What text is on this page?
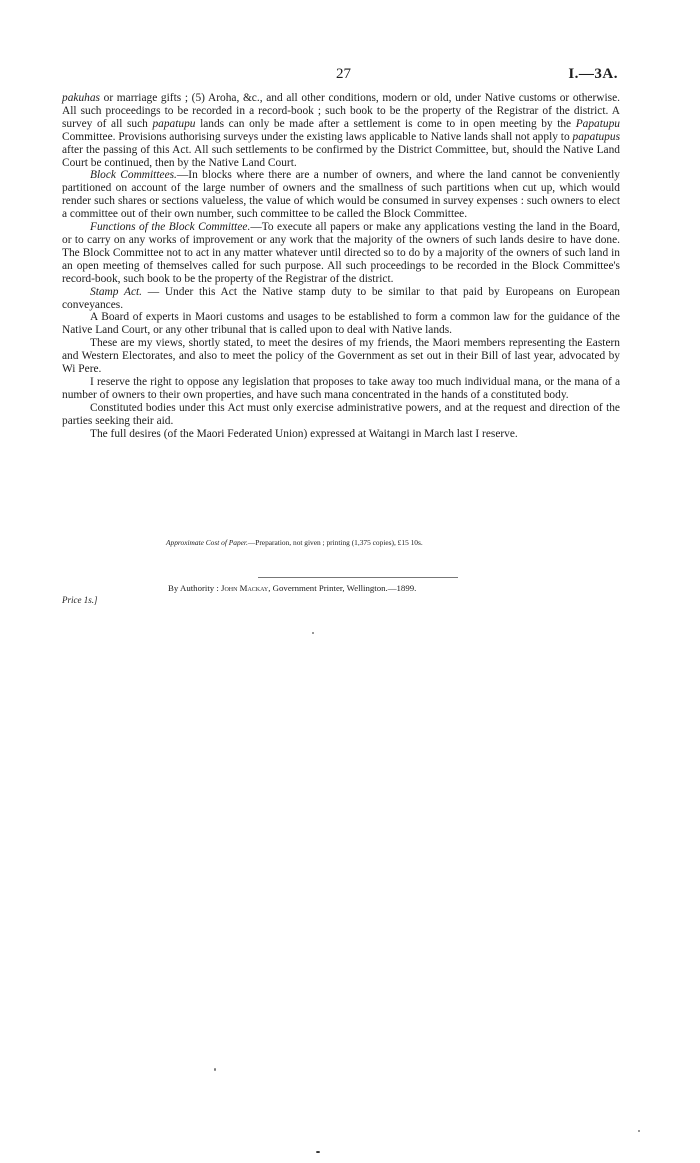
27	I.—3A.

pakuhas or marriage gifts ; (5) Aroha, &c., and all other conditions, modern or old, under Native customs or otherwise. All such proceedings to be recorded in a record-book ; such book to be the property of the Registrar of the district. A survey of all such papatupu lands can only be made after a settlement is come to in open meeting by the Papatupu Committee. Provisions authorising surveys under the existing laws applicable to Native lands shall not apply to papatupus after the passing of this Act. All such settlements to be confirmed by the District Committee, but, should the Native Land Court be continued, then by the Native Land Court.

Block Committees.—In blocks where there are a number of owners, and where the land cannot be conveniently partitioned on account of the large number of owners and the smallness of such partitions when cut up, which would render such shares or sections valueless, the value of which would be consumed in survey expenses : such owners to elect a committee out of their own number, such committee to be called the Block Committee.

Functions of the Block Committee.—To execute all papers or make any applications vesting the land in the Board, or to carry on any works of improvement or any work that the majority of the owners of such lands desire to have done. The Block Committee not to act in any matter whatever until directed so to do by a majority of the owners of such land in an open meeting of themselves called for such purpose. All such proceedings to be recorded in the Block Committee's record-book, such book to be the property of the Registrar of the district.

Stamp Act. — Under this Act the Native stamp duty to be similar to that paid by Europeans on European conveyances.

A Board of experts in Maori customs and usages to be established to form a common law for the guidance of the Native Land Court, or any other tribunal that is called upon to deal with Native lands.

These are my views, shortly stated, to meet the desires of my friends, the Maori members representing the Eastern and Western Electorates, and also to meet the policy of the Government as set out in their Bill of last year, advocated by Wi Pere.

I reserve the right to oppose any legislation that proposes to take away too much individual mana, or the mana of a number of owners to their own properties, and have such mana concentrated in the hands of a constituted body.

Constituted bodies under this Act must only exercise administrative powers, and at the request and direction of the parties seeking their aid.

The full desires (of the Maori Federated Union) expressed at Waitangi in March last I reserve.

Approximate Cost of Paper.—Preparation, not given ; printing (1,375 copies), £15 10s.
By Authority : John Mackay, Government Printer, Wellington.—1899.
Price 1s.]
